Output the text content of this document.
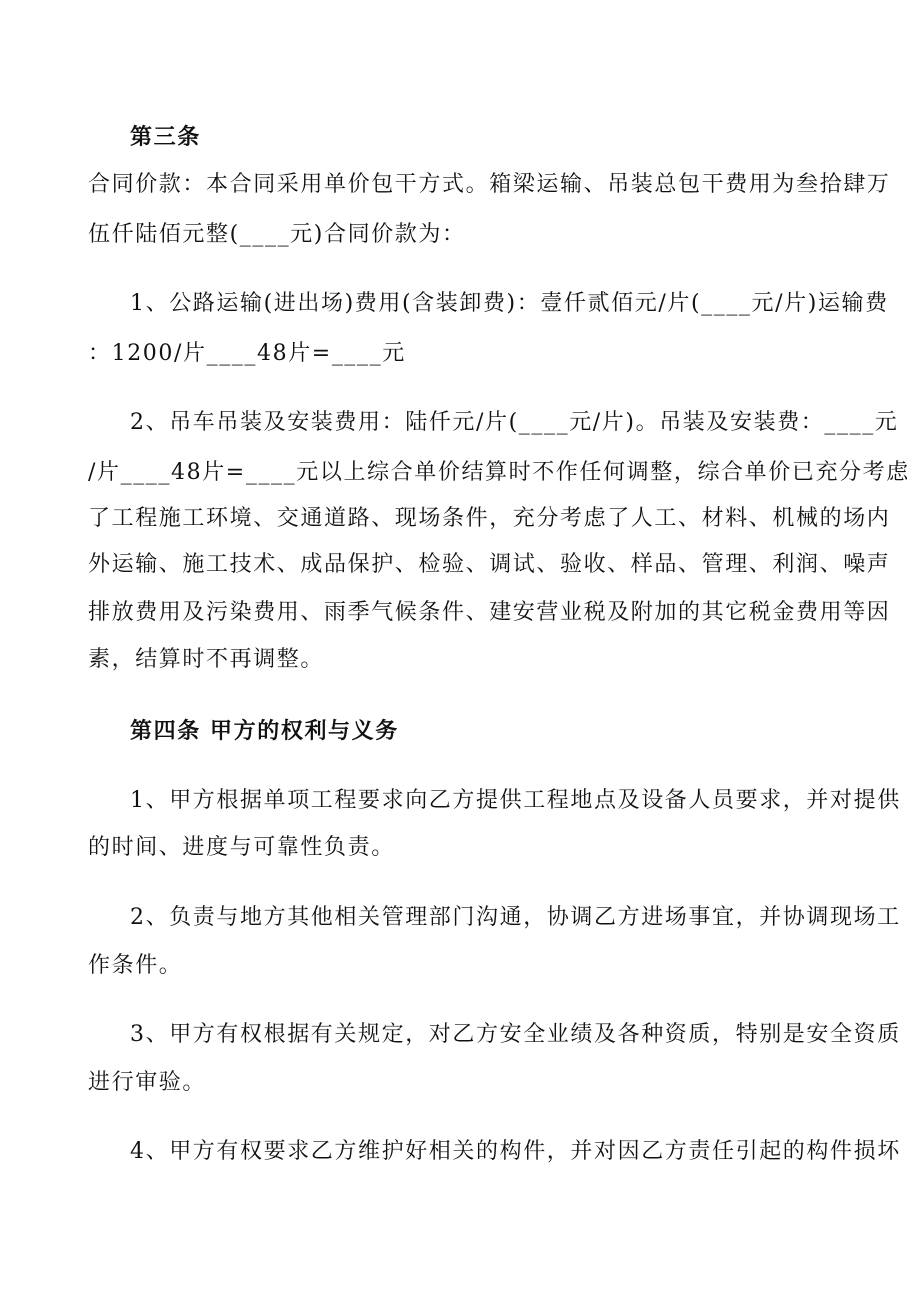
第三条
合同价款：本合同采用单价包干方式。箱梁运输、吊装总包干费用为叁拾肆万
伍仟陆佰元整(____元)合同价款为：
1、公路运输(进出场)费用(含装卸费)：壹仟贰佰元/片(____元/片)运输费
：1200/片____48片=____元
2、吊车吊装及安装费用：陆仟元/片(____元/片)。吊装及安装费：____元
/片____48片=____元以上综合单价结算时不作任何调整，综合单价已充分考虑
了工程施工环境、交通道路、现场条件，充分考虑了人工、材料、机械的场内
外运输、施工技术、成品保护、检验、调试、验收、样品、管理、利润、噪声
排放费用及污染费用、雨季气候条件、建安营业税及附加的其它税金费用等因
素，结算时不再调整。
第四条 甲方的权利与义务
1、甲方根据单项工程要求向乙方提供工程地点及设备人员要求，并对提供
的时间、进度与可靠性负责。
2、负责与地方其他相关管理部门沟通，协调乙方进场事宜，并协调现场工
作条件。
3、甲方有权根据有关规定，对乙方安全业绩及各种资质，特别是安全资质
进行审验。
4、甲方有权要求乙方维护好相关的构件，并对因乙方责任引起的构件损坏
